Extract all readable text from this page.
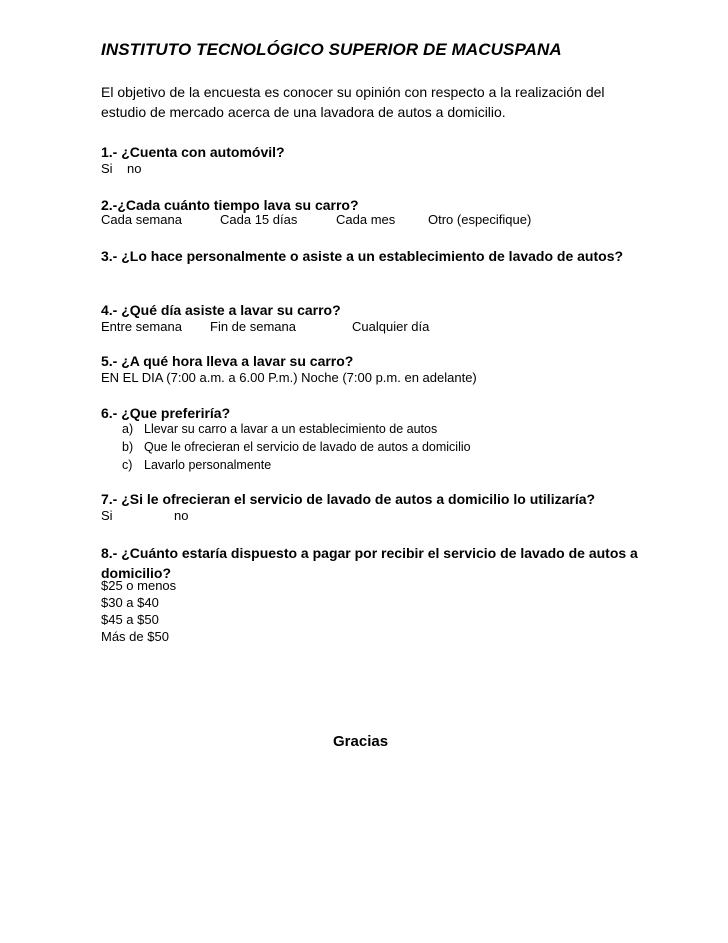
INSTITUTO TECNOLÓGICO SUPERIOR DE MACUSPANA
El objetivo de la encuesta es conocer su opinión con respecto a la realización del
estudio de mercado acerca de una lavadora de autos a domicilio.
1.- ¿Cuenta con automóvil?
Si no
2.-¿Cada cuánto tiempo lava su carro?
Cada semana	Cada 15 días	Cada mes	Otro (especifique)
3.- ¿Lo hace personalmente o asiste a un establecimiento de lavado de autos?
4.- ¿Qué día asiste a lavar su carro?
Entre semana Fin de semana	Cualquier día
5.- ¿A qué hora lleva a lavar su carro?
EN EL DIA (7:00 a.m. a 6.00 P.m.) Noche (7:00 p.m. en adelante)
6.- ¿Que preferiría?
a) Llevar su carro a lavar a un establecimiento de autos
b) Que le ofrecieran el servicio de lavado de autos a domicilio
c) Lavarlo personalmente
7.- ¿Si le ofrecieran el servicio de lavado de autos a domicilio lo utilizaría?
Si	no
8.- ¿Cuánto estaría dispuesto a pagar por recibir el servicio de lavado de autos a domicilio?
$25 o menos
$30 a $40
$45 a $50
Más de $50
Gracias
